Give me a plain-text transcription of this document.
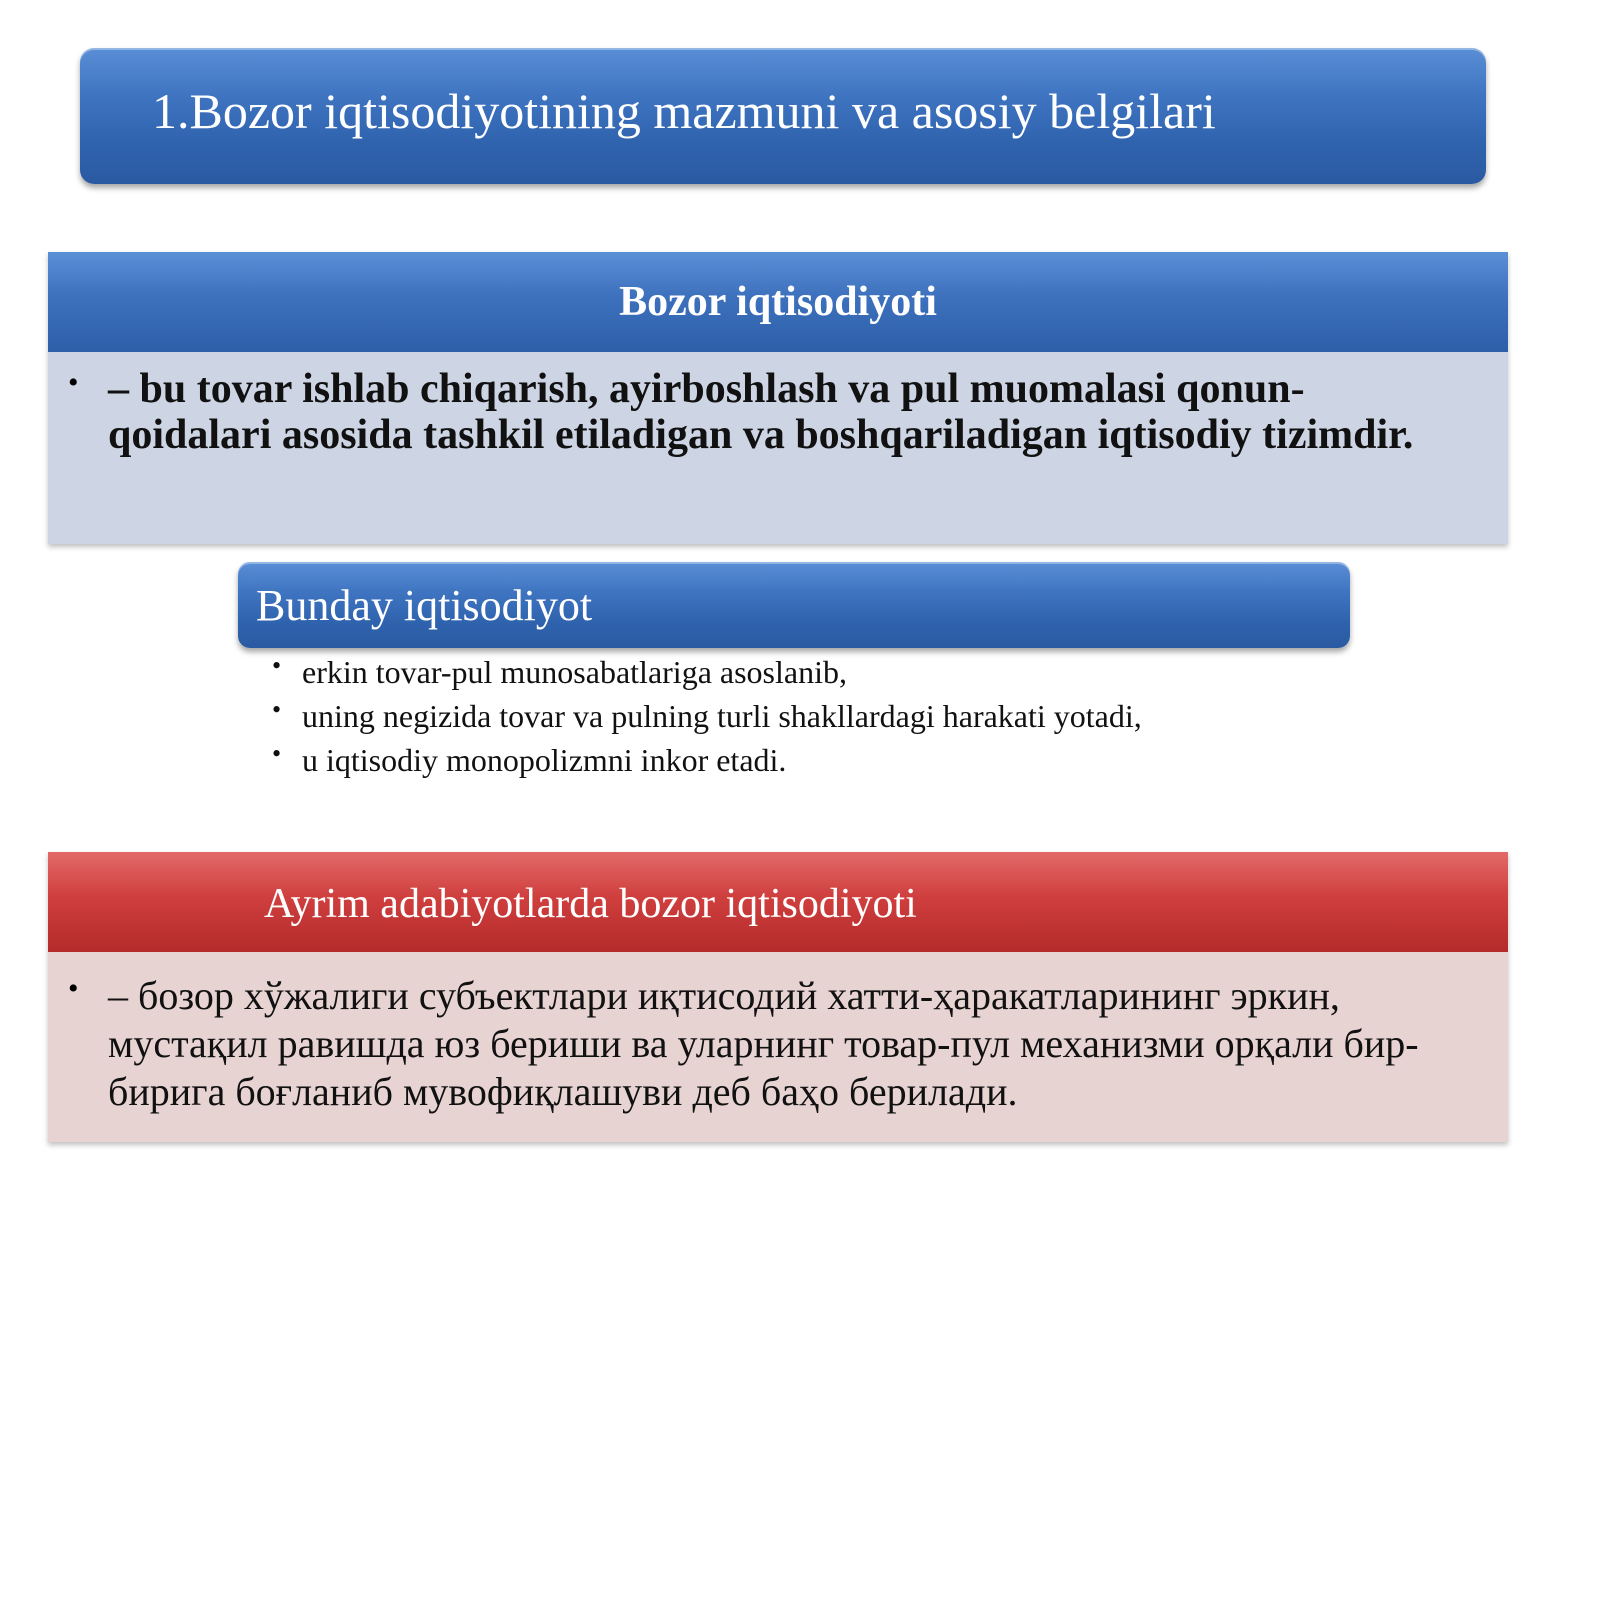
1.Bozor iqtisodiyotining mazmuni va asosiy belgilari
Bozor iqtisodiyoti
• – bu tovar ishlab chiqarish, ayirboshlash va pul muomalasi qonun- qoidalari asosida tashkil etiladigan va boshqariladigan iqtisodiy tizimdir.
Bunday iqtisodiyot
• erkin tovar-pul munosabatlariga asoslanib,
• uning negizida tovar va pulning turli shakllardagi harakati yotadi,
• u iqtisodiy monopolizmni inkor etadi.
Ayrim adabiyotlarda bozor iqtisodiyoti
• – бозор хўжалиги субъектлари иқтисодий хатти-ҳаракатларининг эркин, мустақил равишда юз бериши ва уларнинг товар-пул механизми орқали бир-бирига боғланиб мувофиқлашуви деб баҳо берилади.
